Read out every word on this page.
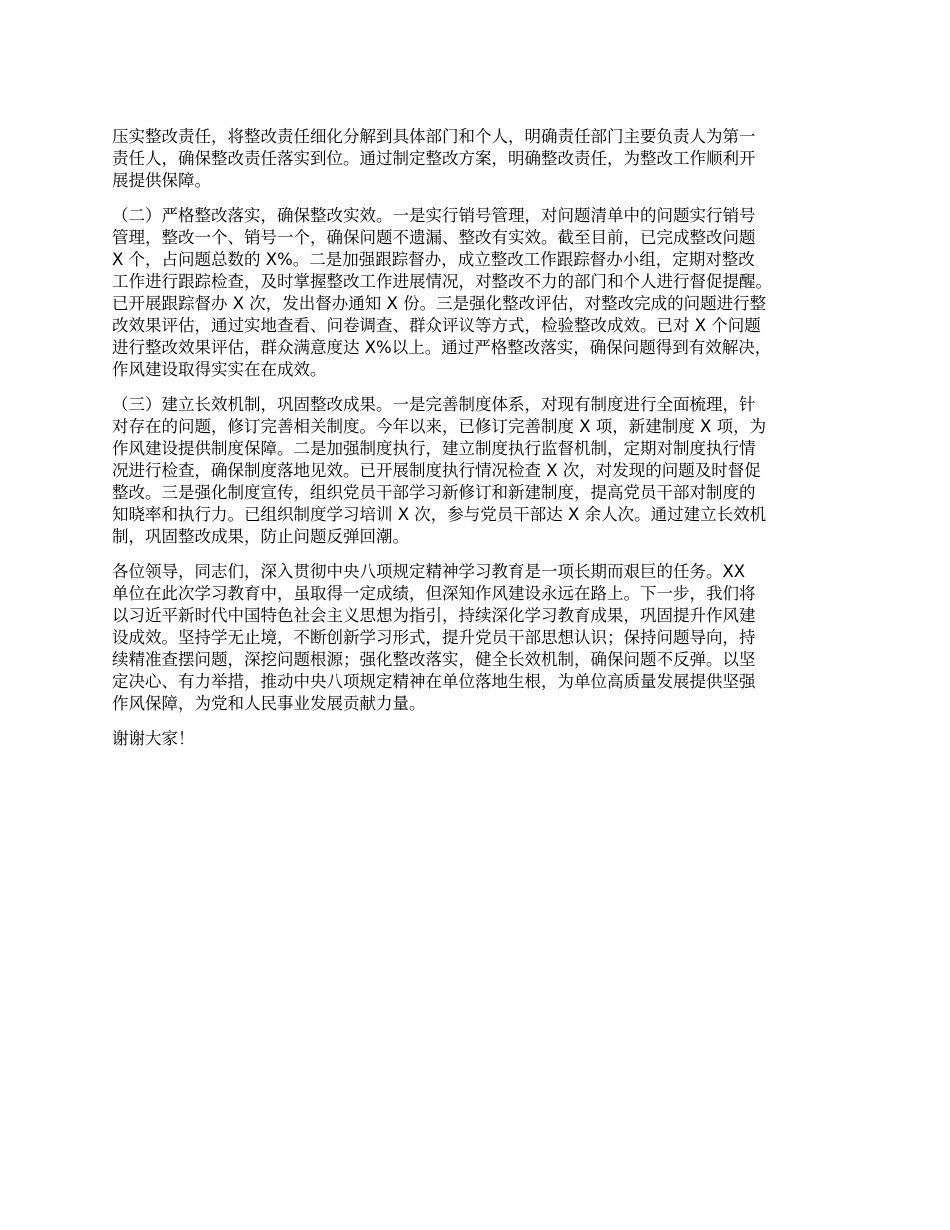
压实整改责任，将整改责任细化分解到具体部门和个人，明确责任部门主要负责人为第一
责任人，确保整改责任落实到位。通过制定整改方案，明确整改责任，为整改工作顺利开
展提供保障。

（二）严格整改落实，确保整改实效。一是实行销号管理，对问题清单中的问题实行销号
管理，整改一个、销号一个，确保问题不遗漏、整改有实效。截至目前，已完成整改问题
X 个，占问题总数的 X%。二是加强跟踪督办，成立整改工作跟踪督办小组，定期对整改
工作进行跟踪检查，及时掌握整改工作进展情况，对整改不力的部门和个人进行督促提醒。
已开展跟踪督办 X 次，发出督办通知 X 份。三是强化整改评估，对整改完成的问题进行整
改效果评估，通过实地查看、问卷调查、群众评议等方式，检验整改成效。已对 X 个问题
进行整改效果评估，群众满意度达 X%以上。通过严格整改落实，确保问题得到有效解决，
作风建设取得实实在在成效。

（三）建立长效机制，巩固整改成果。一是完善制度体系，对现有制度进行全面梳理，针
对存在的问题，修订完善相关制度。今年以来，已修订完善制度 X 项，新建制度 X 项，为
作风建设提供制度保障。二是加强制度执行，建立制度执行监督机制，定期对制度执行情
况进行检查，确保制度落地见效。已开展制度执行情况检查 X 次，对发现的问题及时督促
整改。三是强化制度宣传，组织党员干部学习新修订和新建制度，提高党员干部对制度的
知晓率和执行力。已组织制度学习培训 X 次，参与党员干部达 X 余人次。通过建立长效机
制，巩固整改成果，防止问题反弹回潮。

各位领导，同志们，深入贯彻中央八项规定精神学习教育是一项长期而艰巨的任务。XX
单位在此次学习教育中，虽取得一定成绩，但深知作风建设永远在路上。下一步，我们将
以习近平新时代中国特色社会主义思想为指引，持续深化学习教育成果，巩固提升作风建
设成效。坚持学无止境，不断创新学习形式，提升党员干部思想认识；保持问题导向，持
续精准查摆问题，深挖问题根源；强化整改落实，健全长效机制，确保问题不反弹。以坚
定决心、有力举措，推动中央八项规定精神在单位落地生根，为单位高质量发展提供坚强
作风保障，为党和人民事业发展贡献力量。

谢谢大家！
